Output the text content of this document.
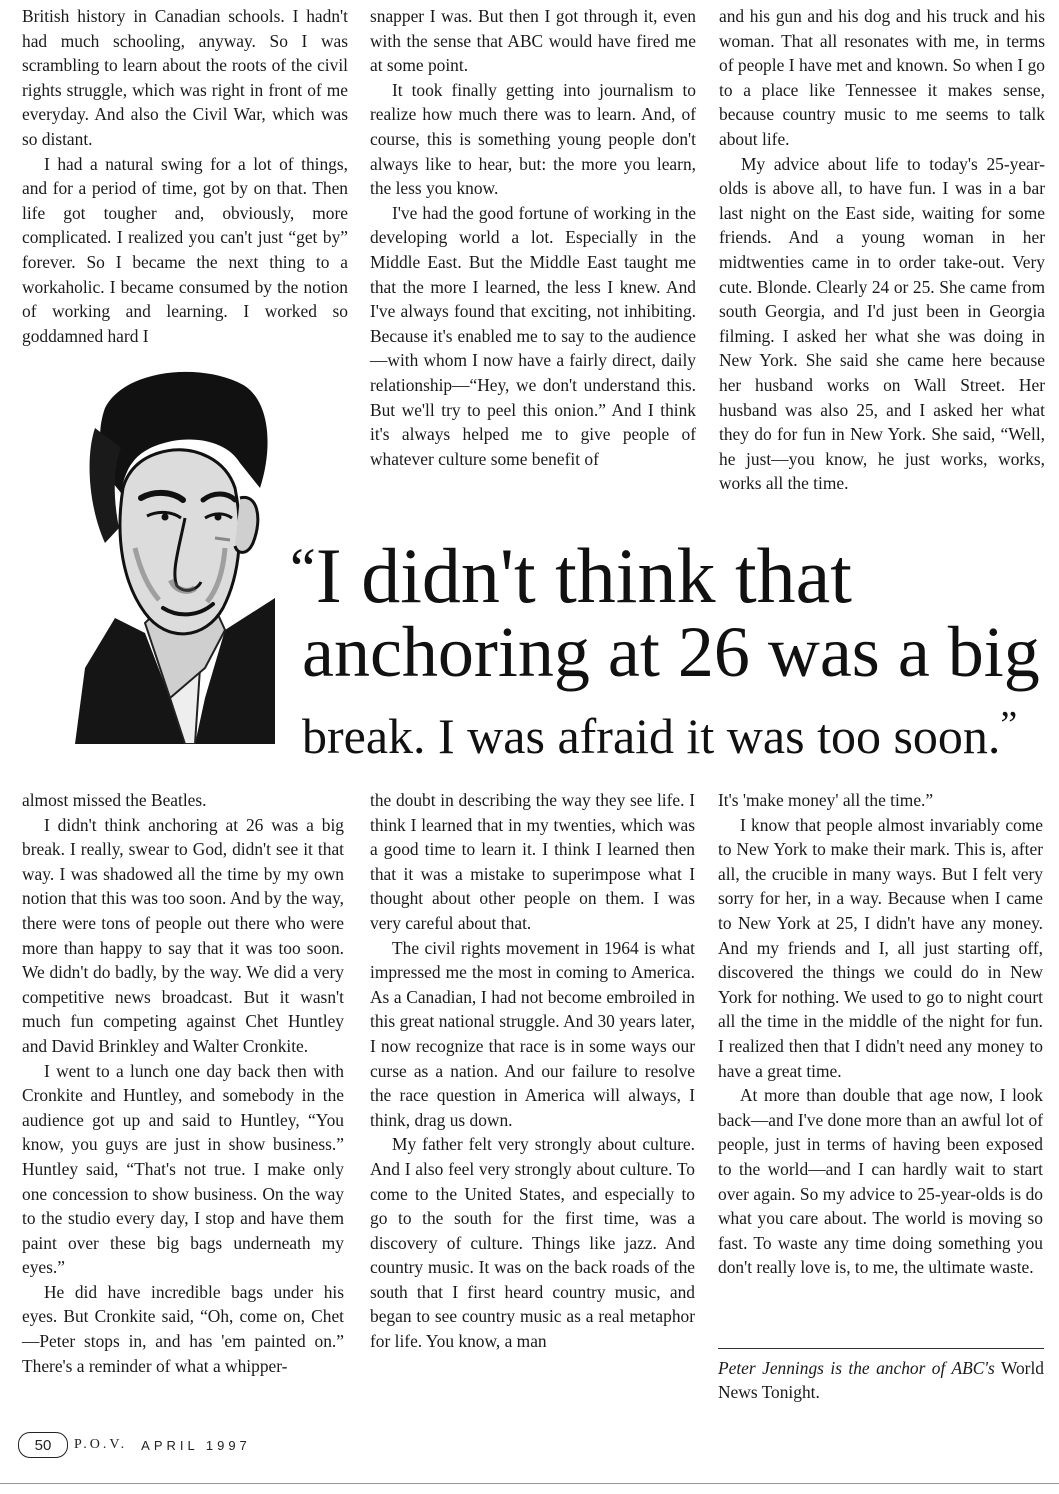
British history in Canadian schools. I hadn't had much schooling, anyway. So I was scrambling to learn about the roots of the civil rights struggle, which was right in front of me everyday. And also the Civil War, which was so distant.

I had a natural swing for a lot of things, and for a period of time, got by on that. Then life got tougher and, obviously, more complicated. I realized you can't just “get by” forever. So I became the next thing to a workaholic. I became consumed by the notion of working and learning. I worked so goddamned hard I

snapper I was. But then I got through it, even with the sense that ABC would have fired me at some point.

It took finally getting into journalism to realize how much there was to learn. And, of course, this is something young people don't always like to hear, but: the more you learn, the less you know.

I've had the good fortune of working in the developing world a lot. Especially in the Middle East. But the Middle East taught me that the more I learned, the less I knew. And I've always found that exciting, not inhibiting. Because it's enabled me to say to the audience—with whom I now have a fairly direct, daily relationship—“Hey, we don't understand this. But we'll try to peel this onion.” And I think it's always helped me to give people of whatever culture some benefit of

and his gun and his dog and his truck and his woman. That all resonates with me, in terms of people I have met and known. So when I go to a place like Tennessee it makes sense, because country music to me seems to talk about life.

My advice about life to today's 25-year-olds is above all, to have fun. I was in a bar last night on the East side, waiting for some friends. And a young woman in her midtwenties came in to order take-out. Very cute. Blonde. Clearly 24 or 25. She came from south Georgia, and I'd just been in Georgia filming. I asked her what she was doing in New York. She said she came here because her husband works on Wall Street. Her husband was also 25, and I asked her what they do for fun in New York. She said, “Well, he just—you know, he just works, works, works all the time.

“I didn't think that
anchoring at 26 was a big
break. I was afraid it was too soon.”

almost missed the Beatles.

I didn't think anchoring at 26 was a big break. I really, swear to God, didn't see it that way. I was shadowed all the time by my own notion that this was too soon. And by the way, there were tons of people out there who were more than happy to say that it was too soon. We didn't do badly, by the way. We did a very competitive news broadcast. But it wasn't much fun competing against Chet Huntley and David Brinkley and Walter Cronkite.

I went to a lunch one day back then with Cronkite and Huntley, and somebody in the audience got up and said to Huntley, “You know, you guys are just in show business.” Huntley said, “That's not true. I make only one concession to show business. On the way to the studio every day, I stop and have them paint over these big bags underneath my eyes.”

He did have incredible bags under his eyes. But Cronkite said, “Oh, come on, Chet—Peter stops in, and has 'em painted on.” There's a reminder of what a whipper-

the doubt in describing the way they see life. I think I learned that in my twenties, which was a good time to learn it. I think I learned then that it was a mistake to superimpose what I thought about other people on them. I was very careful about that.

The civil rights movement in 1964 is what impressed me the most in coming to America. As a Canadian, I had not become embroiled in this great national struggle. And 30 years later, I now recognize that race is in some ways our curse as a nation. And our failure to resolve the race question in America will always, I think, drag us down.

My father felt very strongly about culture. And I also feel very strongly about culture. To come to the United States, and especially to go to the south for the first time, was a discovery of culture. Things like jazz. And country music. It was on the back roads of the south that I first heard country music, and began to see country music as a real metaphor for life. You know, a man

It's 'make money' all the time.”

I know that people almost invariably come to New York to make their mark. This is, after all, the crucible in many ways. But I felt very sorry for her, in a way. Because when I came to New York at 25, I didn't have any money. And my friends and I, all just starting off, discovered the things we could do in New York for nothing. We used to go to night court all the time in the middle of the night for fun. I realized then that I didn't need any money to have a great time.

At more than double that age now, I look back—and I've done more than an awful lot of people, just in terms of having been exposed to the world—and I can hardly wait to start over again. So my advice to 25-year-olds is do what you care about. The world is moving so fast. To waste any time doing something you don't really love is, to me, the ultimate waste.

Peter Jennings is the anchor of ABC's World News Tonight.
50	P.O.V. APRIL 1997
